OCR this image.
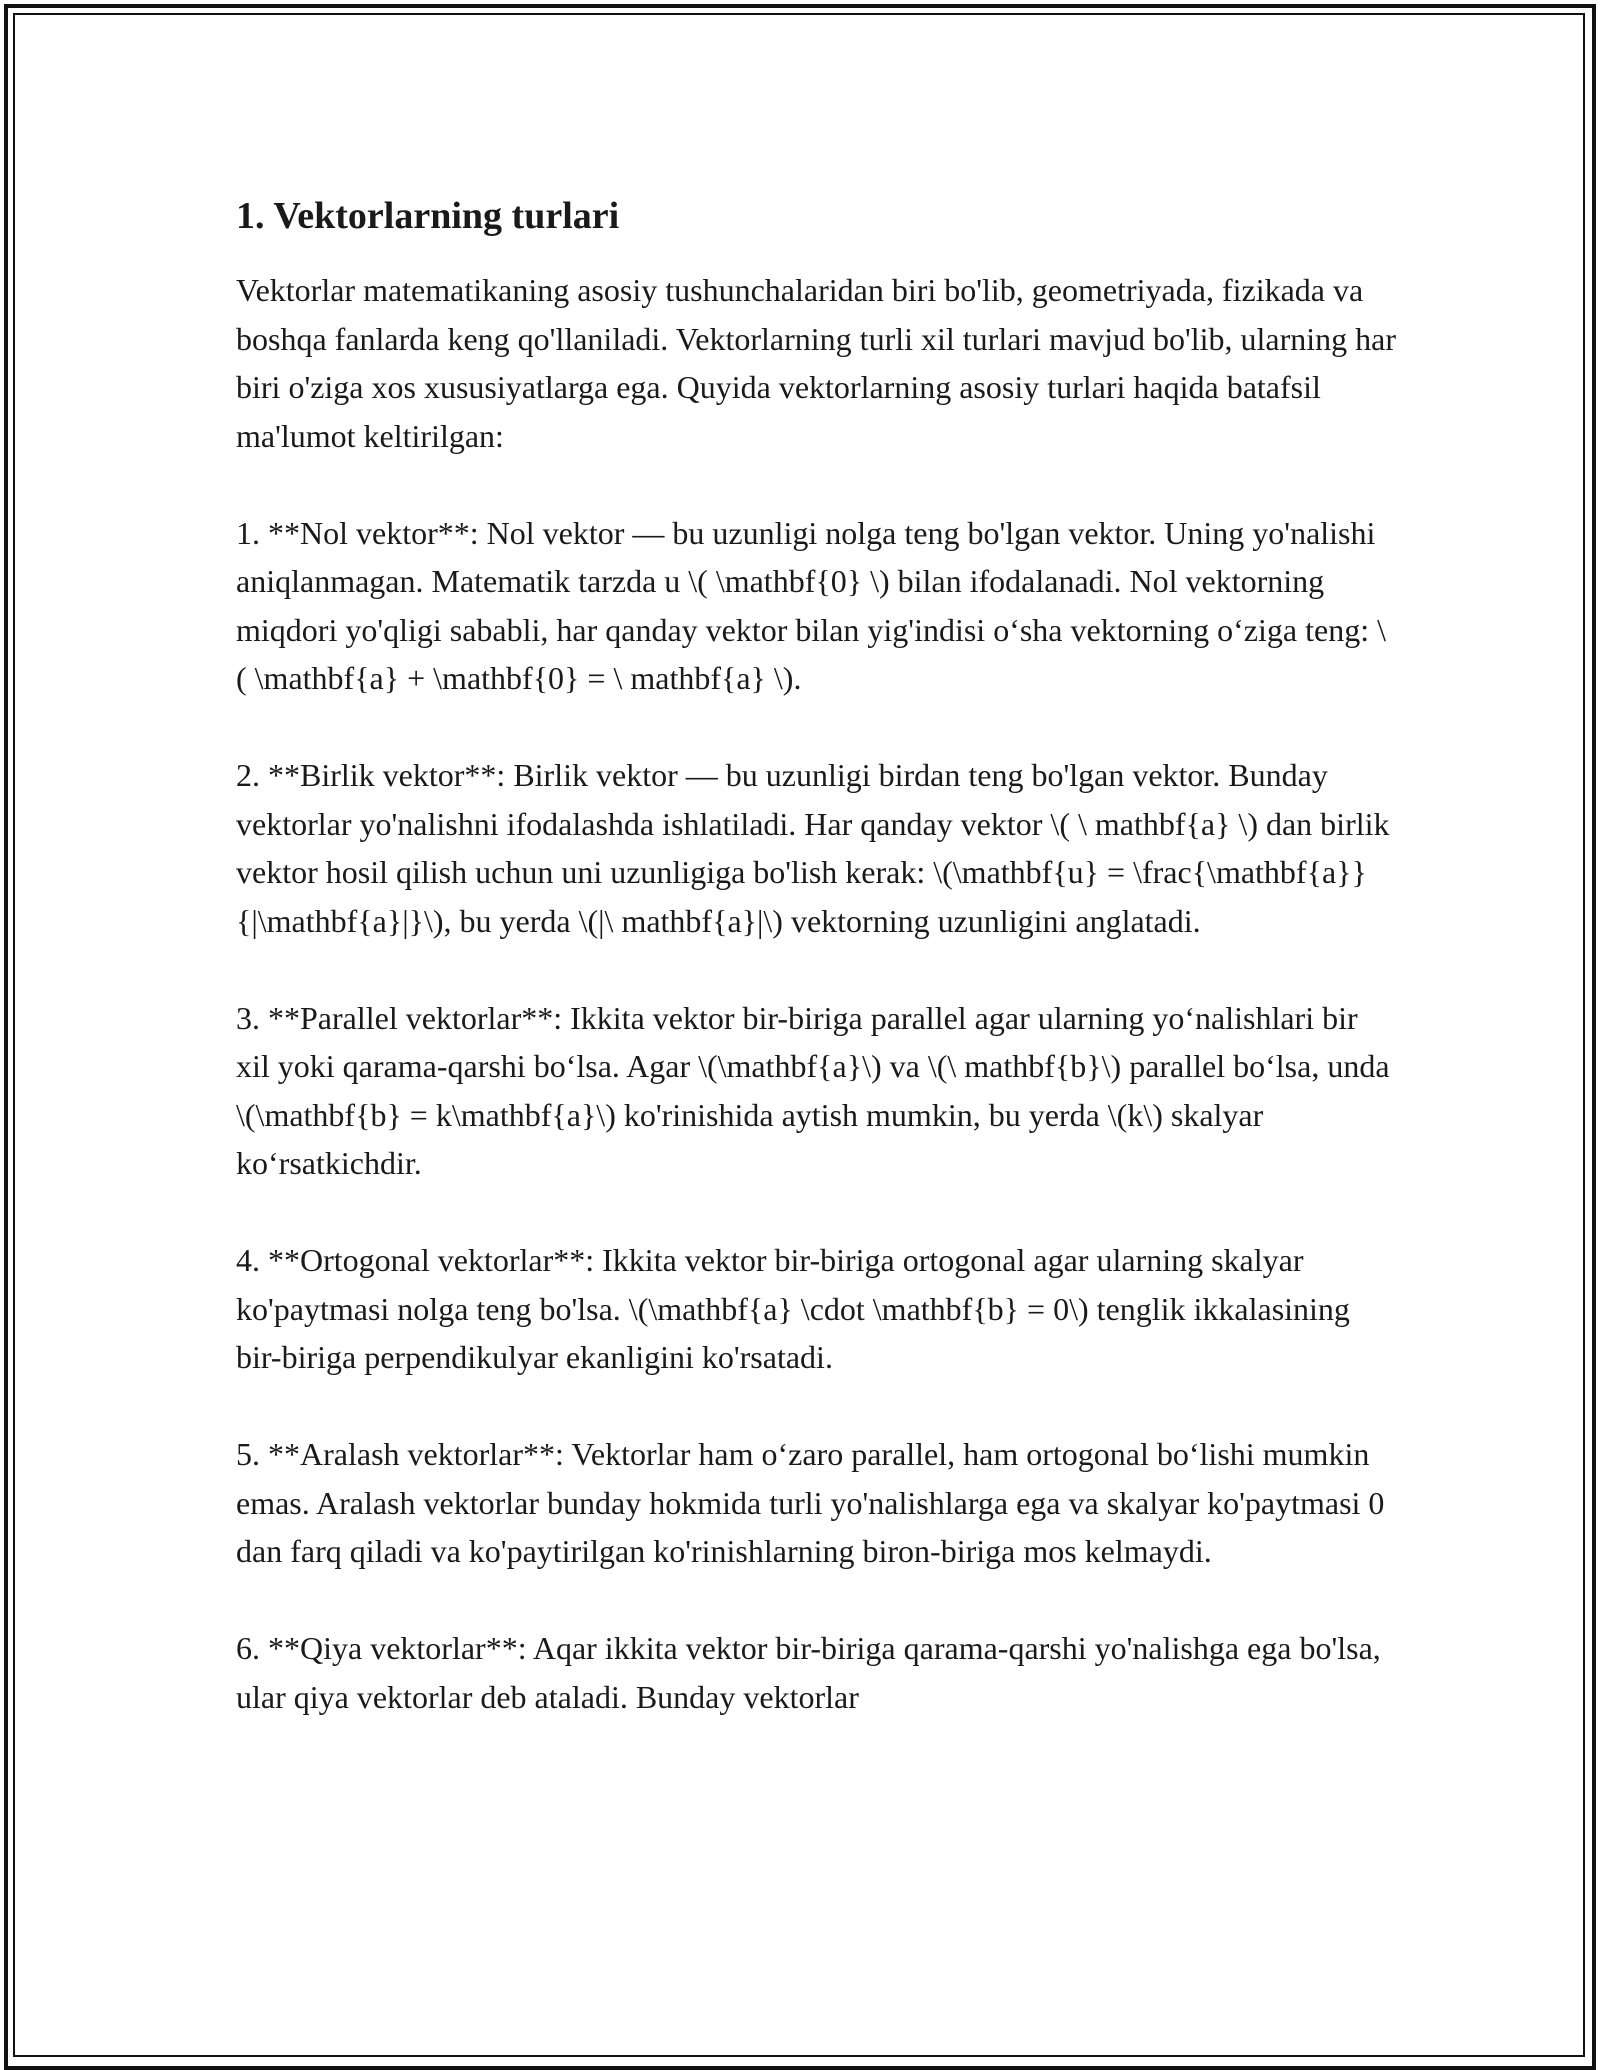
1. Vektorlarning turlari

Vektorlar matematikaning asosiy tushunchalaridan biri bo'lib, geometriyada, fizikada va boshqa fanlarda keng qo'llaniladi. Vektorlarning turli xil turlari mavjud bo'lib, ularning har biri o'ziga xos xususiyatlarga ega. Quyida vektorlarning asosiy turlari haqida batafsil ma'lumot keltirilgan:

1. **Nol vektor**: Nol vektor — bu uzunligi nolga teng bo'lgan vektor. Uning yo'nalishi aniqlanmagan. Matematik tarzda u \( \mathbf{0} \) bilan ifodalanadi. Nol vektorning miqdori yo'qligi sababli, har qanday vektor bilan yig'indisi o‘sha vektorning o‘ziga teng: \( \mathbf{a} + \mathbf{0} = \ mathbf{a} \).

2. **Birlik vektor**: Birlik vektor — bu uzunligi birdan teng bo'lgan vektor. Bunday vektorlar yo'nalishni ifodalashda ishlatiladi. Har qanday vektor \( \ mathbf{a} \) dan birlik vektor hosil qilish uchun uni uzunligiga bo'lish kerak: \(\mathbf{u} = \frac{\mathbf{a}}{|\mathbf{a}|}\), bu yerda \(|\ mathbf{a}|\) vektorning uzunligini anglatadi.

3. **Parallel vektorlar**: Ikkita vektor bir-biriga parallel agar ularning yo‘nalishlari bir xil yoki qarama-qarshi bo‘lsa. Agar \(\mathbf{a}\) va \(\ mathbf{b}\) parallel bo‘lsa, unda \(\mathbf{b} = k\mathbf{a}\) ko'rinishida aytish mumkin, bu yerda \(k\) skalyar ko‘rsatkichdir.

4. **Ortogonal vektorlar**: Ikkita vektor bir-biriga ortogonal agar ularning skalyar ko'paytmasi nolga teng bo'lsa. \(\mathbf{a} \cdot \mathbf{b} = 0\) tenglik ikkalasining bir-biriga perpendikulyar ekanligini ko'rsatadi.

5. **Aralash vektorlar**: Vektorlar ham o‘zaro parallel, ham ortogonal bo‘lishi mumkin emas. Aralash vektorlar bunday hokmida turli yo'nalishlarga ega va skalyar ko'paytmasi 0 dan farq qiladi va ko'paytirilgan ko'rinishlarning biron-biriga mos kelmaydi.

6. **Qiya vektorlar**: Aqar ikkita vektor bir-biriga qarama-qarshi yo'nalishga ega bo'lsa, ular qiya vektorlar deb ataladi. Bunday vektorlar
